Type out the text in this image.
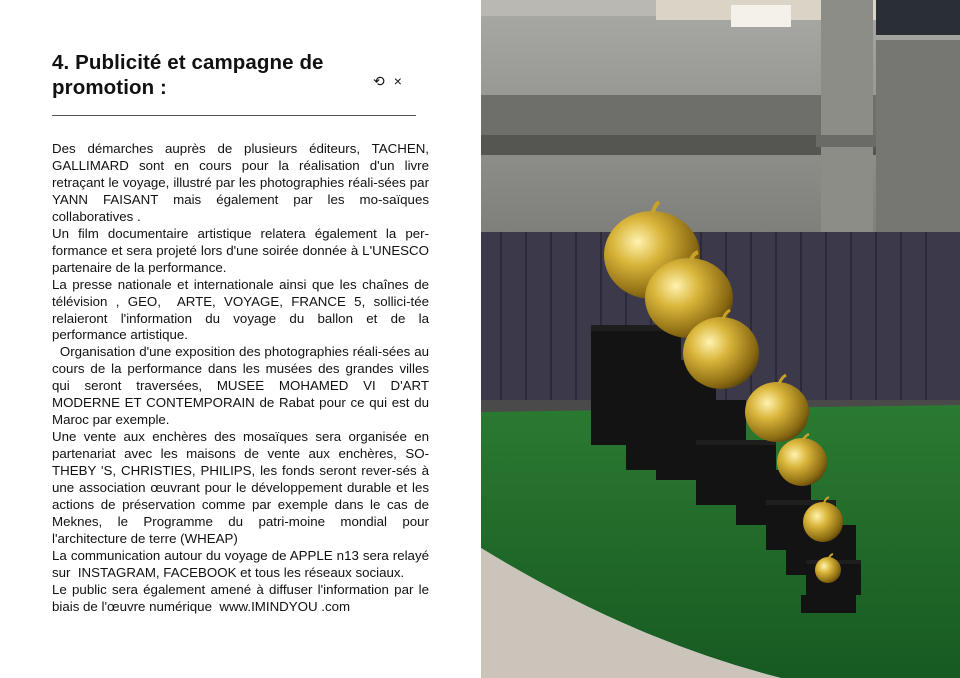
4. Publicité et campagne de promotion :	⟲ ×
Des démarches auprès de plusieurs éditeurs, TACHEN, GALLIMARD sont en cours pour la réalisation d'un livre retraçant le voyage, illustré par les photographies réali-sées par YANN FAISANT mais également par les mo-saïques collaboratives .
Un film documentaire artistique relatera également la per-formance et sera projeté lors d'une soirée donnée à L'UNESCO partenaire de la performance.
La presse nationale et internationale ainsi que les chaînes de télévision , GEO,  ARTE, VOYAGE, FRANCE 5, sollici-tée relaieront l'information du voyage du ballon et de la performance artistique.
Organisation d'une exposition des photographies réali-sées au cours de la performance dans les musées des grandes villes qui seront traversées, MUSEE MOHAMED VI D'ART MODERNE ET CONTEMPORAIN de Rabat pour ce qui est du Maroc par exemple.
Une vente aux enchères des mosaïques sera organisée en partenariat avec les maisons de vente aux enchères, SO-THEBY 'S, CHRISTIES, PHILIPS, les fonds seront rever-sés à une association œuvrant pour le développement durable et les actions de préservation comme par exemple dans le cas de Meknes, le Programme du patri-moine mondial pour l'architecture de terre (WHEAP)
La communication autour du voyage de APPLE n13 sera relayé sur  INSTAGRAM, FACEBOOK et tous les réseaux sociaux.
Le public sera également amené à diffuser l'information par le biais de l'œuvre numérique  www.IMINDYOU .com
